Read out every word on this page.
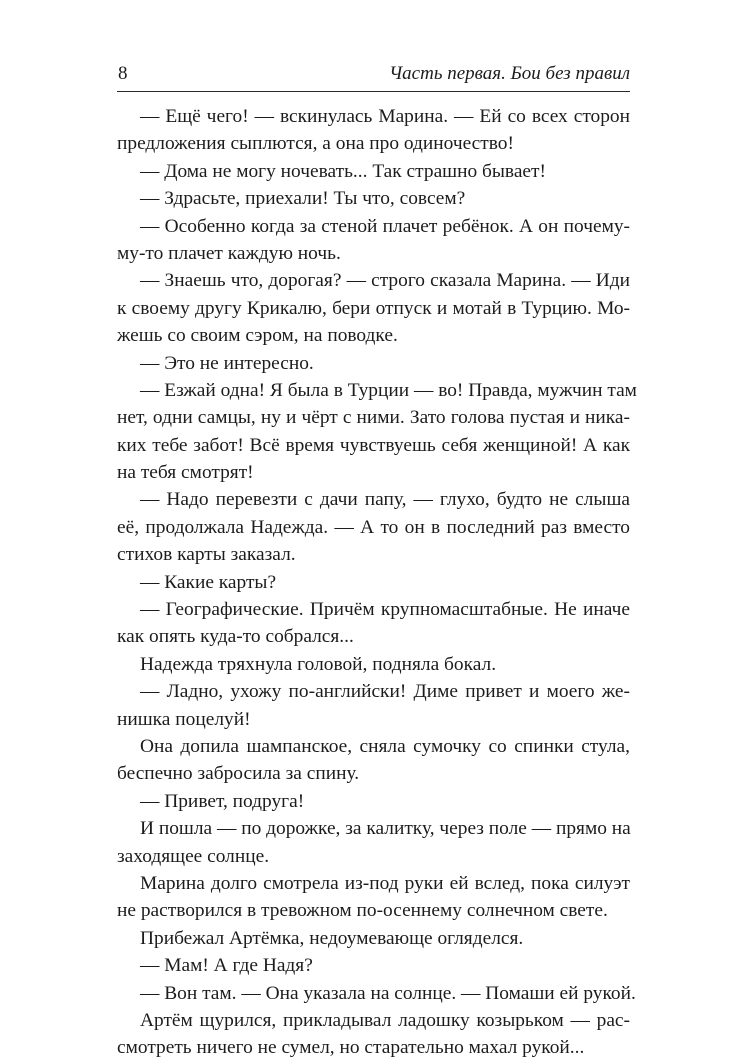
8	Часть первая. Бои без правил
— Ещё чего! — вскинулась Марина. — Ей со всех сторон
предложения сыплются, а она про одиночество!
— Дома не могу ночевать... Так страшно бывает!
— Здрасьте, приехали! Ты что, совсем?
— Особенно когда за стеной плачет ребёнок. А он почему-
му-то плачет каждую ночь.
— Знаешь что, дорогая? — строго сказала Марина. — Иди
к своему другу Крикалю, бери отпуск и мотай в Турцию. Мо-
жешь со своим сэром, на поводке.
— Это не интересно.
— Езжай одна! Я была в Турции — во! Правда, мужчин там
нет, одни самцы, ну и чёрт с ними. Зато голова пустая и ника-
ких тебе забот! Всё время чувствуешь себя женщиной! А как
на тебя смотрят!
— Надо перевезти с дачи папу, — глухо, будто не слыша
её, продолжала Надежда. — А то он в последний раз вместо
стихов карты заказал.
— Какие карты?
— Географические. Причём крупномасштабные. Не иначе
как опять куда-то собрался...
Надежда тряхнула головой, подняла бокал.
— Ладно, ухожу по-английски! Диме привет и моего же-
нишка поцелуй!
Она допила шампанское, сняла сумочку со спинки стула,
беспечно забросила за спину.
— Привет, подруга!
И пошла — по дорожке, за калитку, через поле — прямо на
заходящее солнце.
Марина долго смотрела из-под руки ей вслед, пока силуэт
не растворился в тревожном по-осеннему солнечном свете.
Прибежал Артёмка, недоумевающе огляделся.
— Мам! А где Надя?
— Вон там. — Она указала на солнце. — Помаши ей рукой.
Артём щурился, прикладывал ладошку козырьком — рас-
смотреть ничего не сумел, но старательно махал рукой...
